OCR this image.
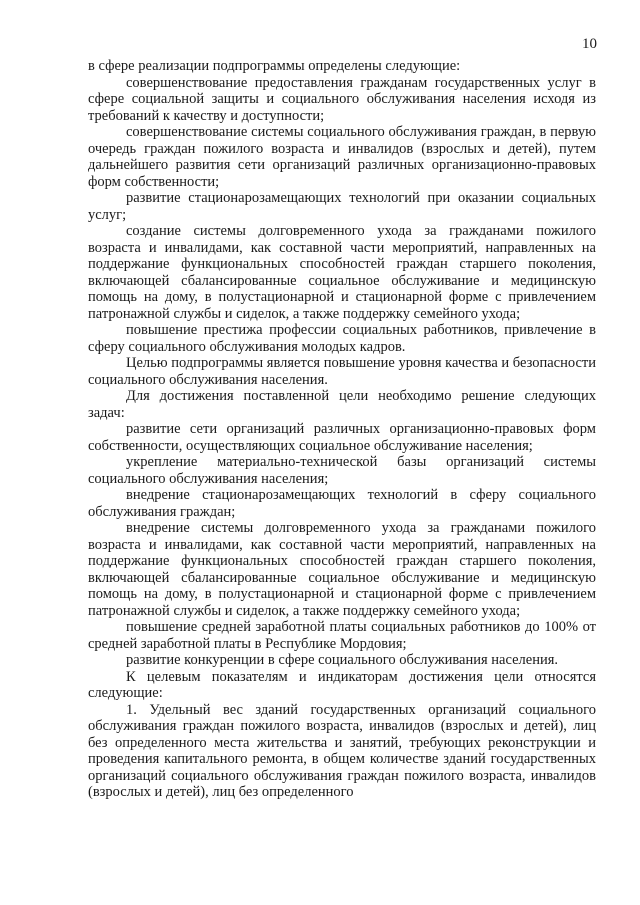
10

в сфере реализации подпрограммы определены следующие:

совершенствование предоставления гражданам государственных услуг в сфере социальной защиты и социального обслуживания населения исходя из требований к качеству и доступности;

совершенствование системы социального обслуживания граждан, в первую очередь граждан пожилого возраста и инвалидов (взрослых и детей), путем дальнейшего развития сети организаций различных организационно-правовых форм собственности;

развитие стационарозамещающих технологий при оказании социальных услуг;

создание системы долговременного ухода за гражданами пожилого возраста и инвалидами, как составной части мероприятий, направленных на поддержание функциональных способностей граждан старшего поколения, включающей сбалансированные социальное обслуживание и медицинскую помощь на дому, в полустационарной и стационарной форме с привлечением патронажной службы и сиделок, а также поддержку семейного ухода;

повышение престижа профессии социальных работников, привлечение в сферу социального обслуживания молодых кадров.

Целью подпрограммы является повышение уровня качества и безопасности социального обслуживания населения.

Для достижения поставленной цели необходимо решение следующих задач:

развитие сети организаций различных организационно-правовых форм собственности, осуществляющих социальное обслуживание населения;

укрепление материально-технической базы организаций системы социального обслуживания населения;

внедрение стационарозамещающих технологий в сферу социального обслуживания граждан;

внедрение системы долговременного ухода за гражданами пожилого возраста и инвалидами, как составной части мероприятий, направленных на поддержание функциональных способностей граждан старшего поколения, включающей сбалансированные социальное обслуживание и медицинскую помощь на дому, в полустационарной и стационарной форме с привлечением патронажной службы и сиделок, а также поддержку семейного ухода;

повышение средней заработной платы социальных работников до 100% от средней заработной платы в Республике Мордовия;

развитие конкуренции в сфере социального обслуживания населения.

К целевым показателям и индикаторам достижения цели относятся следующие:

1. Удельный вес зданий государственных организаций социального обслуживания граждан пожилого возраста, инвалидов (взрослых и детей), лиц без определенного места жительства и занятий, требующих реконструкции и проведения капитального ремонта, в общем количестве зданий государственных организаций социального обслуживания граждан пожилого возраста, инвалидов (взрослых и детей), лиц без определенного
